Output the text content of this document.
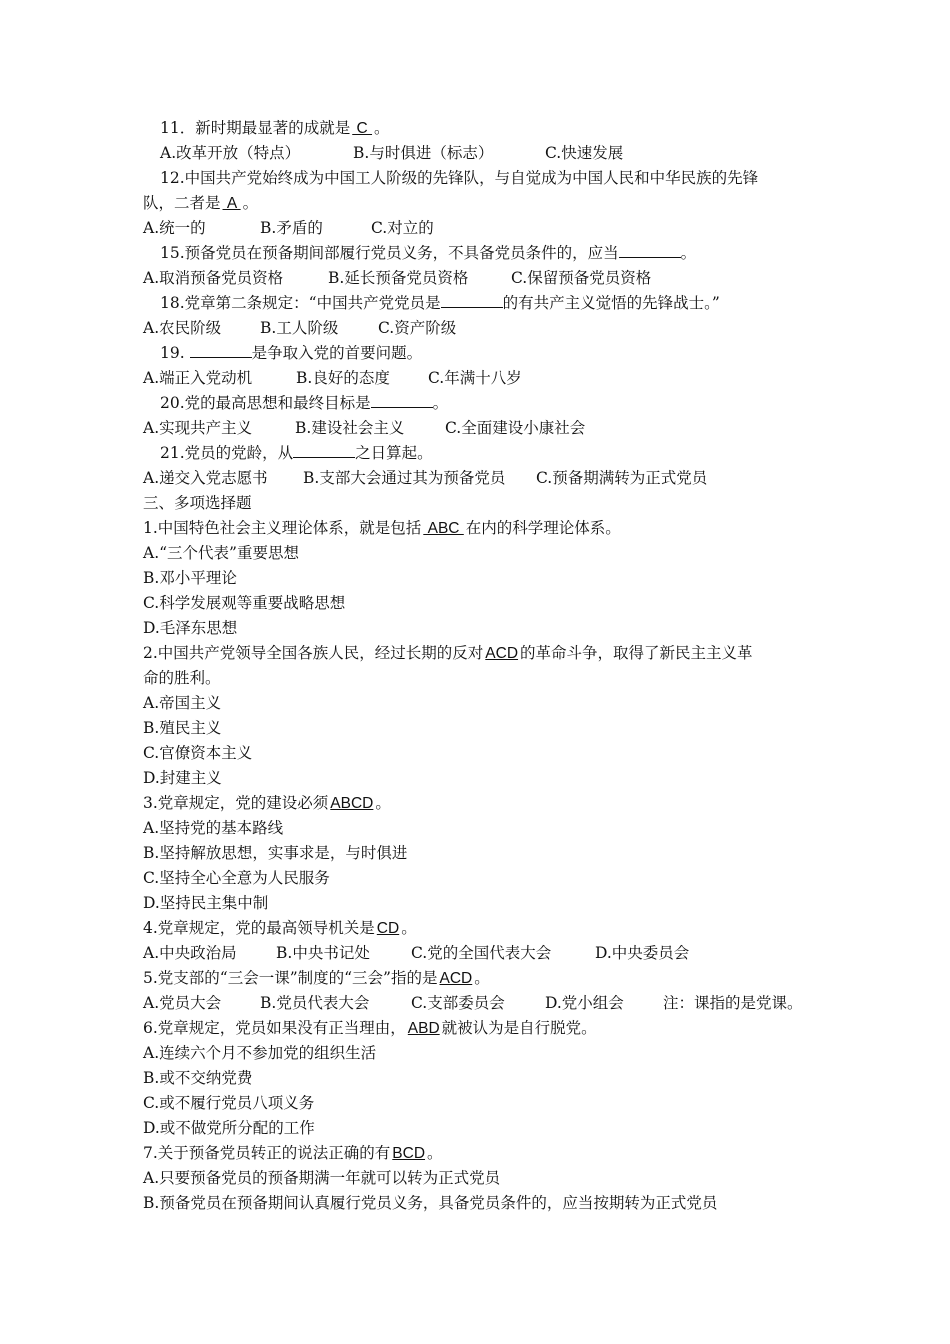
11．新时期最显著的成就是 C 。
A.改革开放（特点）	B.与时俱进（标志）	C.快速发展
12.中国共产党始终成为中国工人阶级的先锋队，与自觉成为中国人民和中华民族的先锋
队，二者是 A 。
A.统一的	B.矛盾的	C.对立的
15.预备党员在预备期间部履行党员义务，不具备党员条件的，应当	。
A.取消预备党员资格	B.延长预备党员资格	C.保留预备党员资格
18.党章第二条规定：“中国共产党党员是	的有共产主义觉悟的先锋战士。”
A.农民阶级	B.工人阶级	C.资产阶级
19.	是争取入党的首要问题。
A.端正入党动机	B.良好的态度 C.年满十八岁
20.党的最高思想和最终目标是	。
A.实现共产主义	B.建设社会主义	C.全面建设小康社会
21.党员的党龄，从	之日算起。
A.递交入党志愿书 B.支部大会通过其为预备党员 C.预备期满转为正式党员
三、多项选择题
1.中国特色社会主义理论体系，就是包括 ABC 在内的科学理论体系。
A.“三个代表”重要思想
B.邓小平理论
C.科学发展观等重要战略思想
D.毛泽东思想
2.中国共产党领导全国各族人民，经过长期的反对 ACD 的革命斗争，取得了新民主主义革
命的胜利。
A.帝国主义
B.殖民主义
C.官僚资本主义
D.封建主义
3.党章规定，党的建设必须 ABCD 。
A.坚持党的基本路线
B.坚持解放思想，实事求是，与时俱进
C.坚持全心全意为人民服务
D.坚持民主集中制
4.党章规定，党的最高领导机关是 CD 。
A.中央政治局	B.中央书记处	C.党的全国代表大会	D.中央委员会
5.党支部的“三会一课”制度的“三会”指的是 ACD 。
A.党员大会	B.党员代表大会	C.支部委员会	D.党小组会	注：课指的是党课。
6.党章规定，党员如果没有正当理由， ABD 就被认为是自行脱党。
A.连续六个月不参加党的组织生活
B.或不交纳党费
C.或不履行党员八项义务
D.或不做党所分配的工作
7.关于预备党员转正的说法正确的有 BCD 。
A.只要预备党员的预备期满一年就可以转为正式党员
B.预备党员在预备期间认真履行党员义务，具备党员条件的，应当按期转为正式党员
